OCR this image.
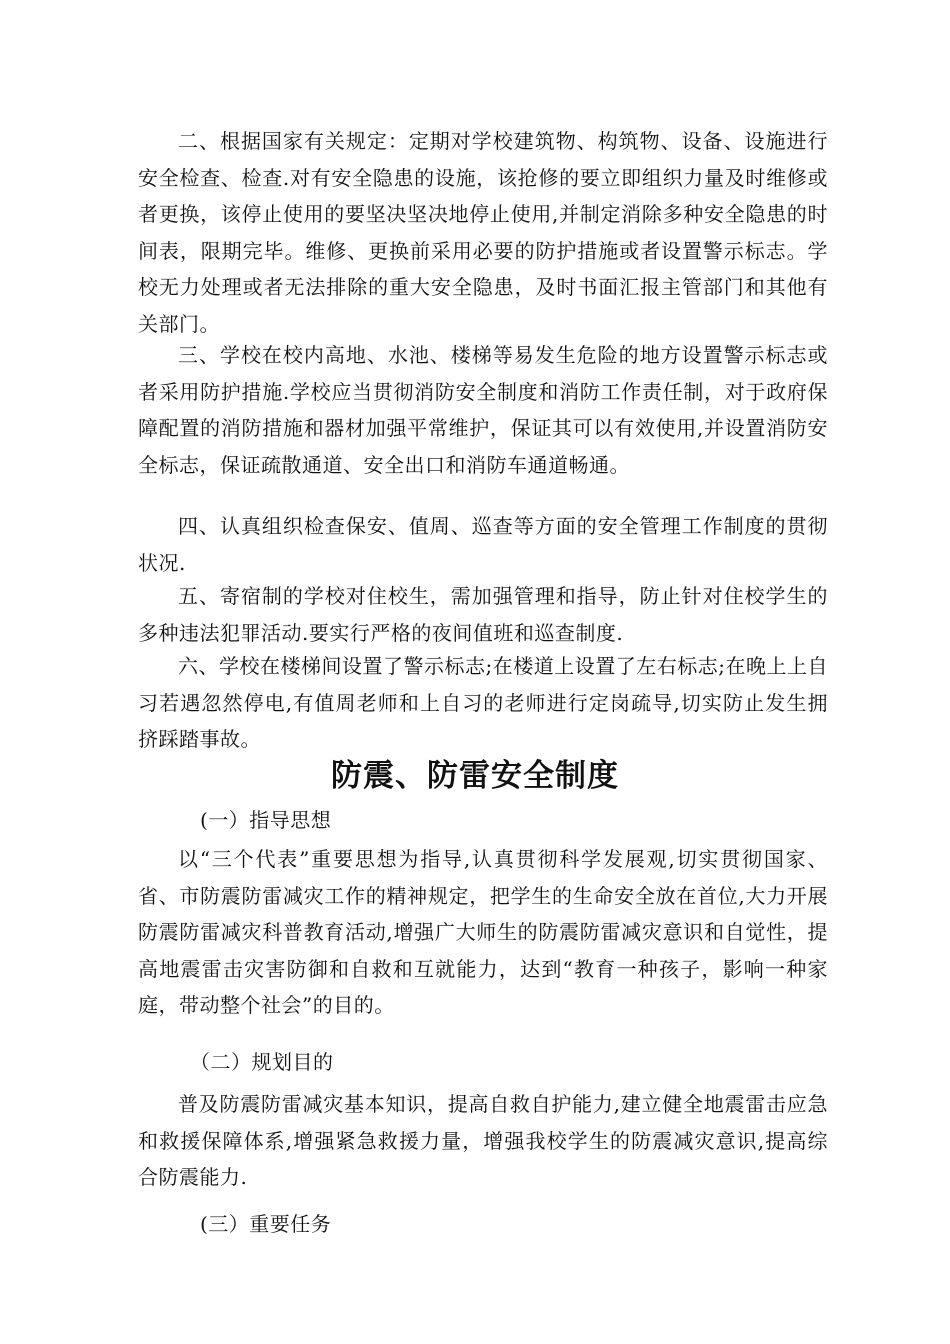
二、根据国家有关规定：定期对学校建筑物、构筑物、设备、设施进行安全检查、检查.对有安全隐患的设施，该抢修的要立即组织力量及时维修或者更换，该停止使用的要坚决坚决地停止使用,并制定消除多种安全隐患的时间表，限期完毕。维修、更换前采用必要的防护措施或者设置警示标志。学校无力处理或者无法排除的重大安全隐患，及时书面汇报主管部门和其他有关部门。

三、学校在校内高地、水池、楼梯等易发生危险的地方设置警示标志或者采用防护措施.学校应当贯彻消防安全制度和消防工作责任制，对于政府保障配置的消防措施和器材加强平常维护，保证其可以有效使用,并设置消防安全标志，保证疏散通道、安全出口和消防车通道畅通。

四、认真组织检查保安、值周、巡查等方面的安全管理工作制度的贯彻状况.

五、寄宿制的学校对住校生，需加强管理和指导，防止针对住校学生的多种违法犯罪活动.要实行严格的夜间值班和巡查制度.

六、学校在楼梯间设置了警示标志;在楼道上设置了左右标志;在晚上上自习若遇忽然停电,有值周老师和上自习的老师进行定岗疏导,切实防止发生拥挤踩踏事故。

防震、防雷安全制度

(一）指导思想

以“三个代表”重要思想为指导,认真贯彻科学发展观,切实贯彻国家、省、市防震防雷减灾工作的精神规定，把学生的生命安全放在首位,大力开展防震防雷减灾科普教育活动,增强广大师生的防震防雷减灾意识和自觉性，提高地震雷击灾害防御和自救和互就能力，达到“教育一种孩子，影响一种家庭，带动整个社会”的目的。

（二）规划目的

普及防震防雷减灾基本知识，提高自救自护能力,建立健全地震雷击应急和救援保障体系,增强紧急救援力量，增强我校学生的防震减灾意识,提高综合防震能力.

(三）重要任务
